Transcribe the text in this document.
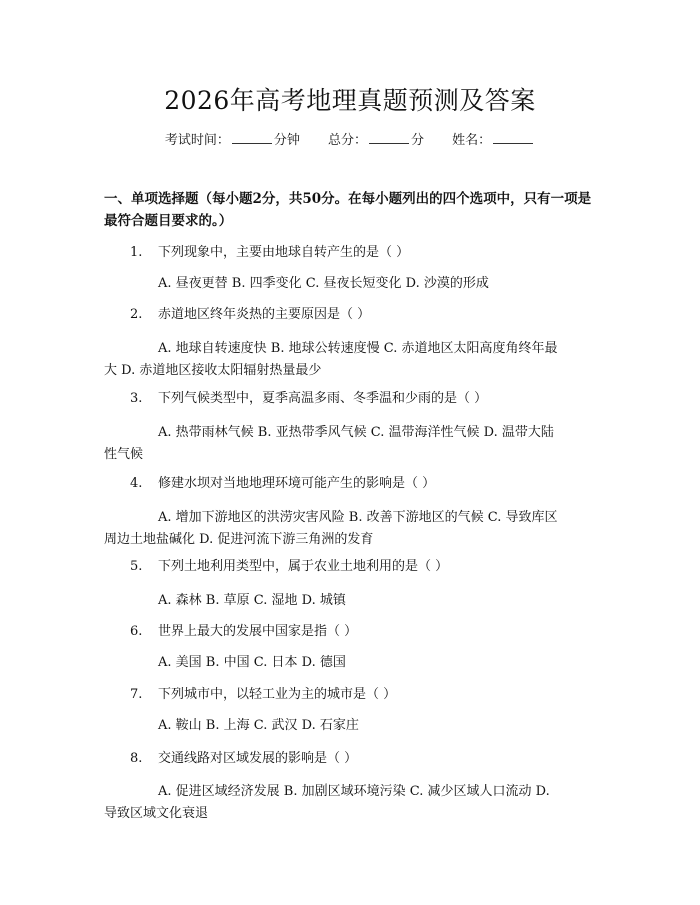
2026年高考地理真题预测及答案
考试时间：	分钟 总分：	分 姓名：
一、单项选择题（每小题2分，共50分。在每小题列出的四个选项中，只有一项是最符合题目要求的。）
1. 下列现象中，主要由地球自转产生的是（ ）
A. 昼夜更替 B. 四季变化 C. 昼夜长短变化 D. 沙漠的形成
2. 赤道地区终年炎热的主要原因是（ ）
A. 地球自转速度快 B. 地球公转速度慢 C. 赤道地区太阳高度角终年最
大 D. 赤道地区接收太阳辐射热量最少
3. 下列气候类型中，夏季高温多雨、冬季温和少雨的是（ ）
A. 热带雨林气候 B. 亚热带季风气候 C. 温带海洋性气候 D. 温带大陆
性气候
4. 修建水坝对当地地理环境可能产生的影响是（ ）
A. 增加下游地区的洪涝灾害风险 B. 改善下游地区的气候 C. 导致库区
周边土地盐碱化 D. 促进河流下游三角洲的发育
5. 下列土地利用类型中，属于农业土地利用的是（ ）
A. 森林 B. 草原 C. 湿地 D. 城镇
6. 世界上最大的发展中国家是指（ ）
A. 美国 B. 中国 C. 日本 D. 德国
7. 下列城市中，以轻工业为主的城市是（ ）
A. 鞍山 B. 上海 C. 武汉 D. 石家庄
8. 交通线路对区域发展的影响是（ ）
A. 促进区域经济发展 B. 加剧区域环境污染 C. 减少区域人口流动 D.
导致区域文化衰退
